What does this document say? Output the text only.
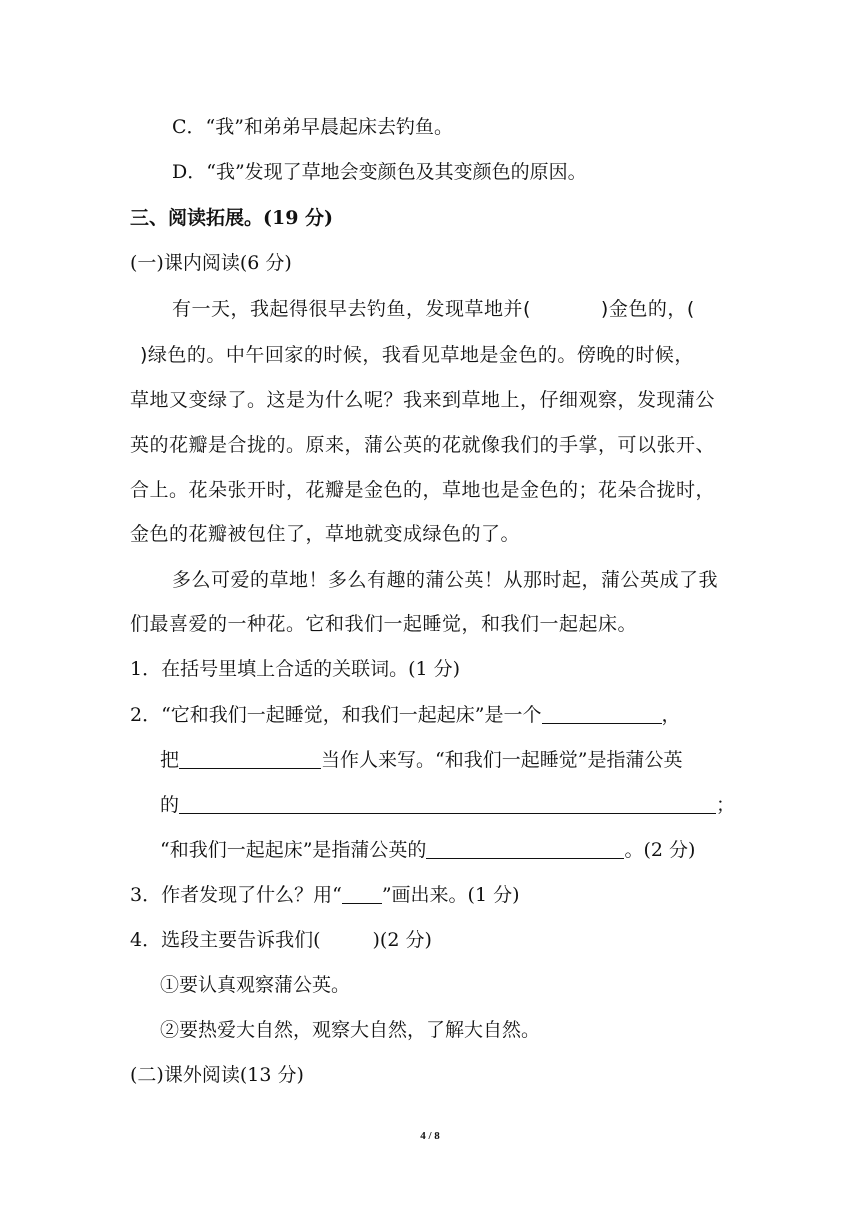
C．“我”和弟弟早晨起床去钓鱼。
D．“我”发现了草地会变颜色及其变颜色的原因。
三、阅读拓展。(19 分)
(一)课内阅读(6 分)
有一天，我起得很早去钓鱼，发现草地并(	)金色的，(
)绿色的。中午回家的时候，我看见草地是金色的。傍晚的时候，
草地又变绿了。这是为什么呢？我来到草地上，仔细观察，发现蒲公
英的花瓣是合拢的。原来，蒲公英的花就像我们的手掌，可以张开、
合上。花朵张开时，花瓣是金色的，草地也是金色的；花朵合拢时，
金色的花瓣被包住了，草地就变成绿色的了。
多么可爱的草地！多么有趣的蒲公英！从那时起，蒲公英成了我
们最喜爱的一种花。它和我们一起睡觉，和我们一起起床。
1．在括号里填上合适的关联词。(1 分)
2．“它和我们一起睡觉，和我们一起起床”是一个	，
把	当作人来写。“和我们一起睡觉”是指蒲公英
的	；
“和我们一起起床”是指蒲公英的	。(2 分)
3．作者发现了什么？用“ ”画出来。(1 分)
4．选段主要告诉我们(	)(2 分)
①要认真观察蒲公英。
②要热爱大自然，观察大自然，了解大自然。
(二)课外阅读(13 分)
4 / 8
